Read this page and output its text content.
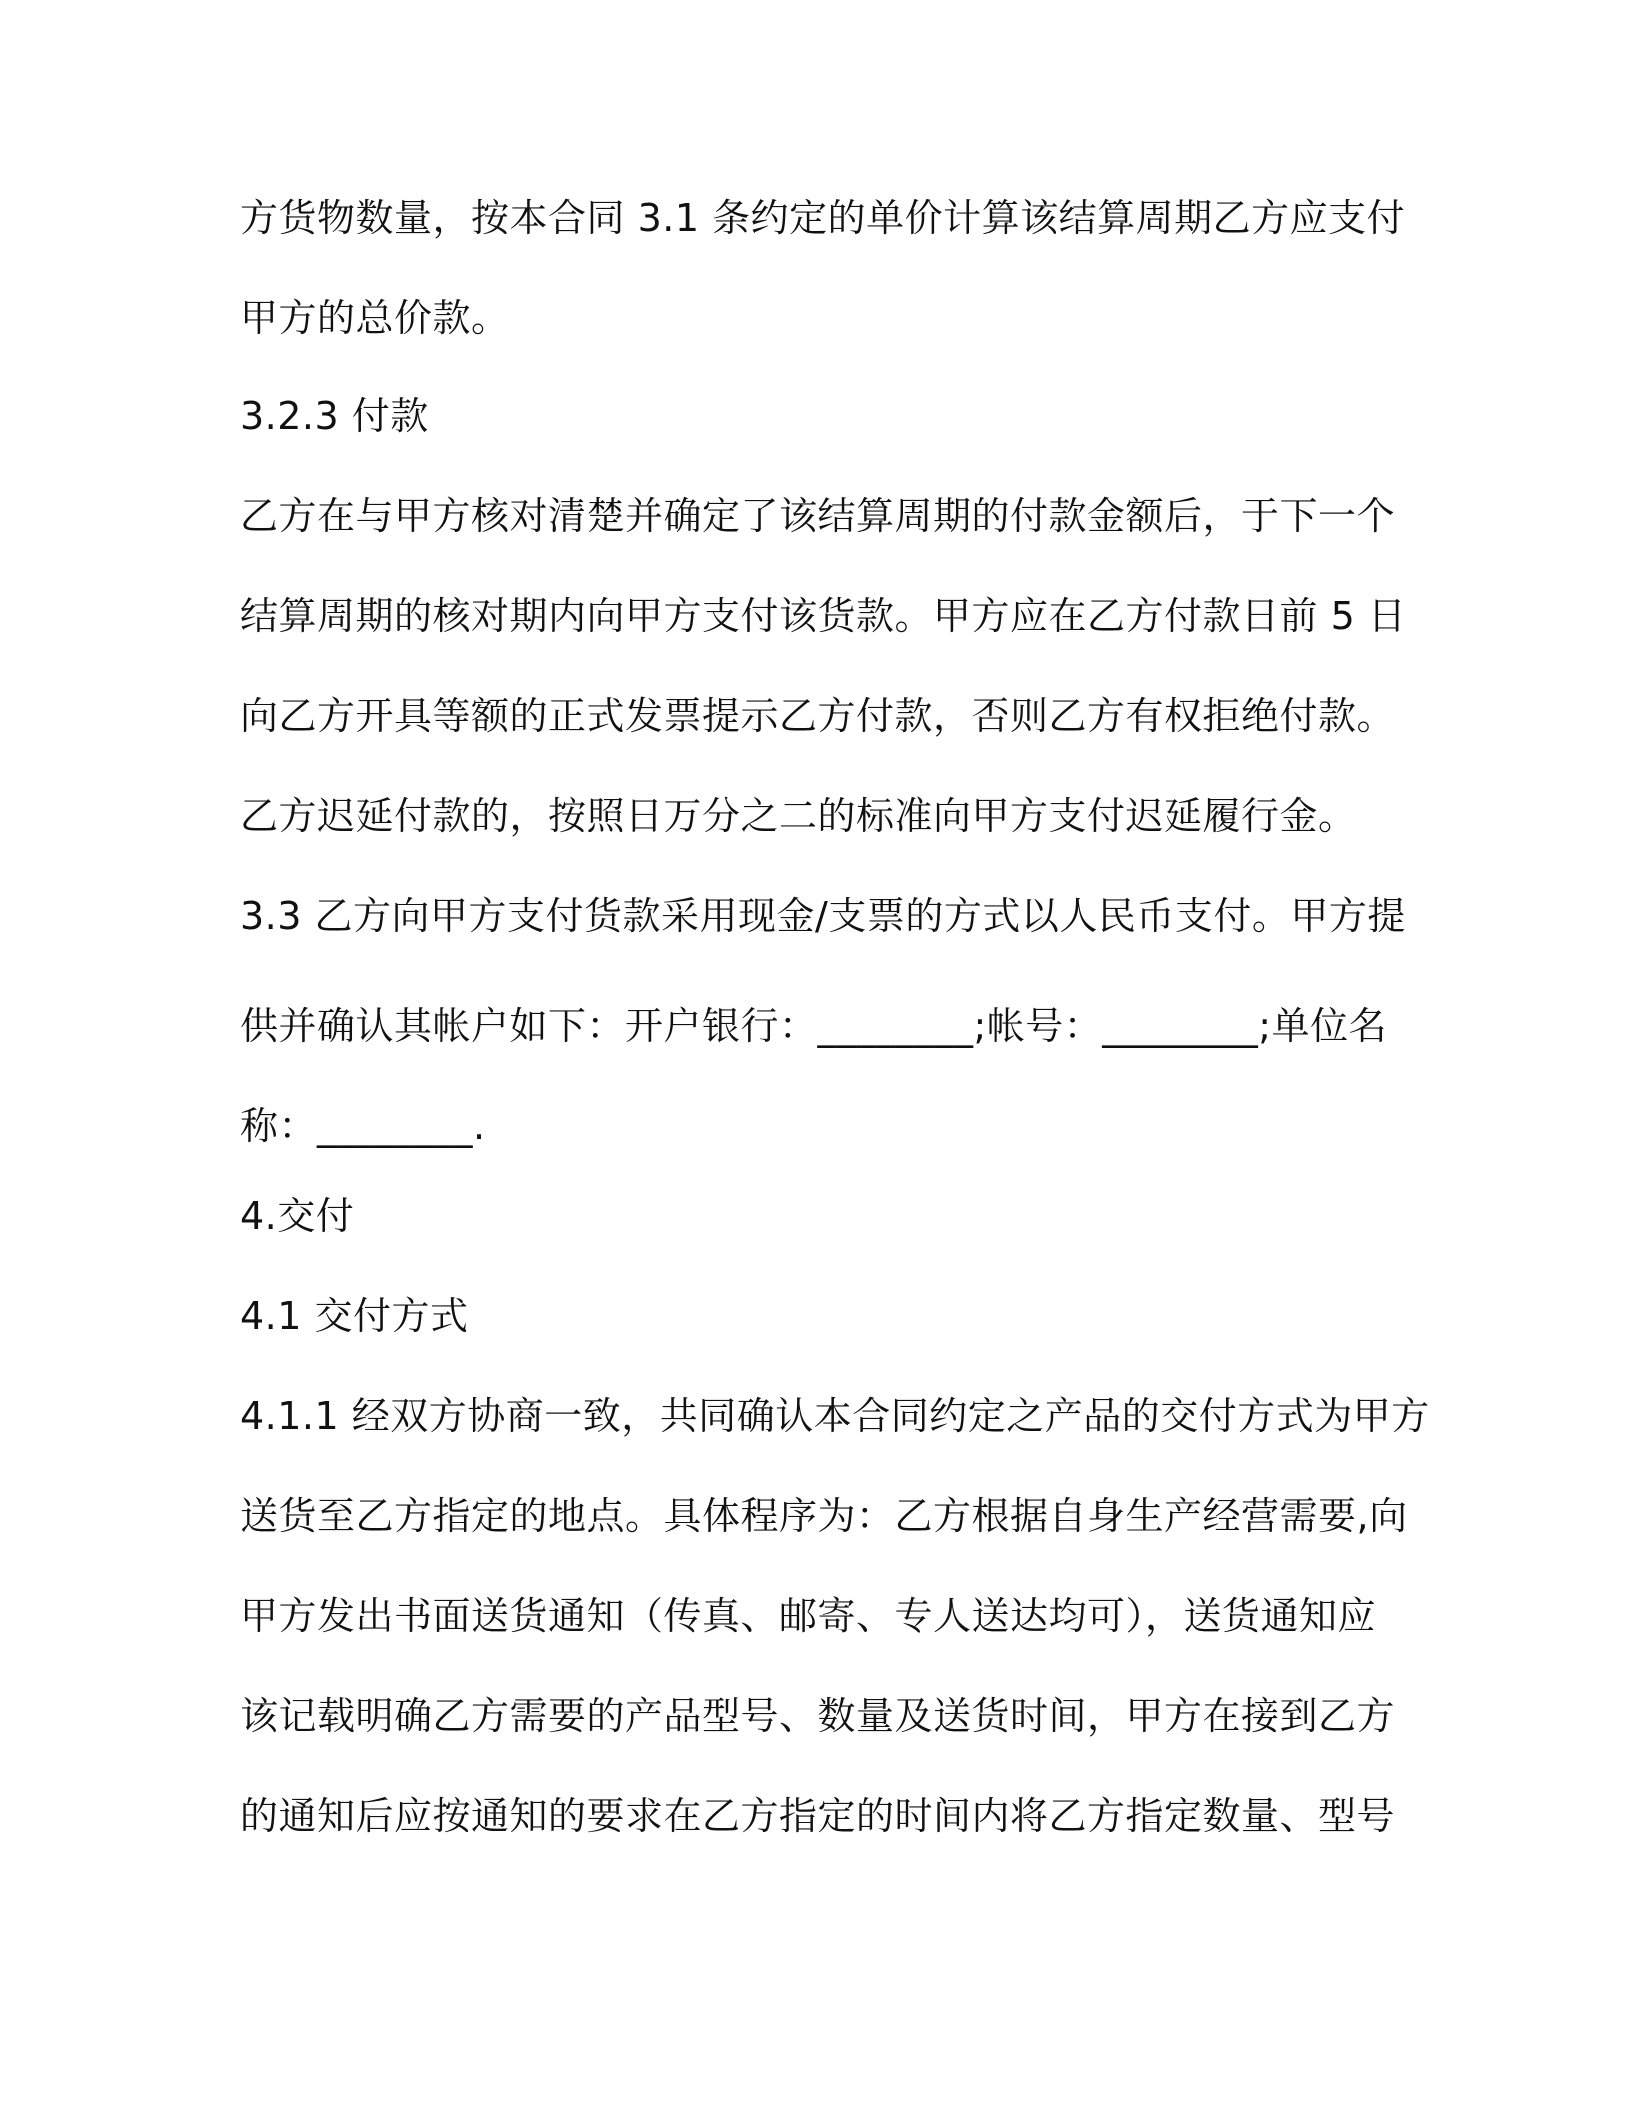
方货物数量，按本合同 3.1 条约定的单价计算该结算周期乙方应支付
甲方的总价款。
3.2.3 付款
乙方在与甲方核对清楚并确定了该结算周期的付款金额后，于下一个
结算周期的核对期内向甲方支付该货款。甲方应在乙方付款日前 5 日
向乙方开具等额的正式发票提示乙方付款，否则乙方有权拒绝付款。
乙方迟延付款的，按照日万分之二的标准向甲方支付迟延履行金。
3.3 乙方向甲方支付货款采用现金/支票的方式以人民币支付。甲方提
供并确认其帐户如下：开户银行：________;帐号：________;单位名
称：________.
4.交付
4.1 交付方式
4.1.1 经双方协商一致，共同确认本合同约定之产品的交付方式为甲方
送货至乙方指定的地点。具体程序为：乙方根据自身生产经营需要,向
甲方发出书面送货通知（传真、邮寄、专人送达均可），送货通知应
该记载明确乙方需要的产品型号、数量及送货时间，甲方在接到乙方
的通知后应按通知的要求在乙方指定的时间内将乙方指定数量、型号
